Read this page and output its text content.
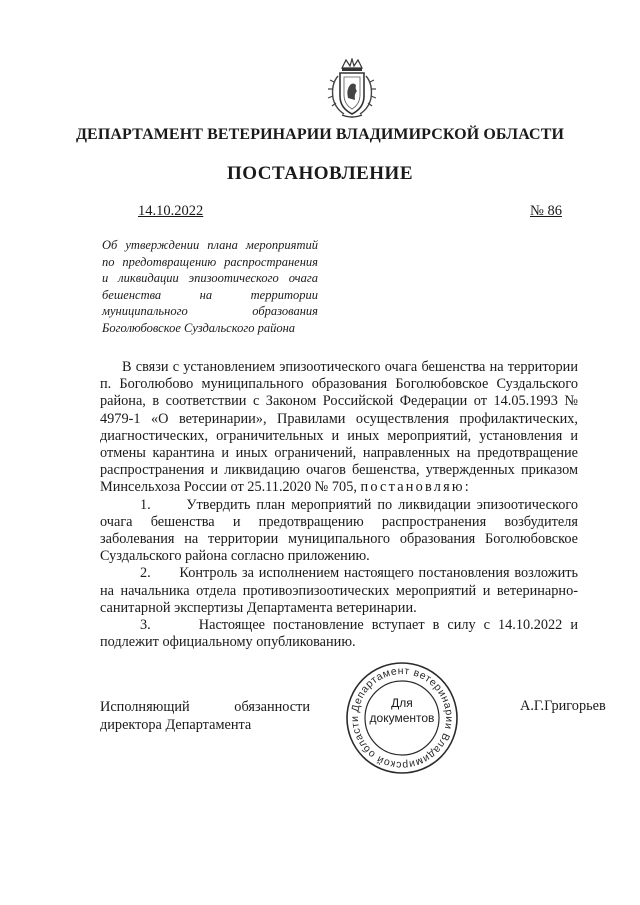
ДЕПАРТАМЕНТ ВЕТЕРИНАРИИ ВЛАДИМИРСКОЙ ОБЛАСТИ
ПОСТАНОВЛЕНИЕ
14.10.2022	№ 86
Об утверждении плана мероприятий
по предотвращению распространения
и ликвидации эпизоотического очага
бешенства на территории
муниципального образования
Боголюбовское Суздальского района

В связи с установлением эпизоотического очага бешенства на территории п. Боголюбово муниципального образования Боголюбовское Суздальского района, в соответствии с Законом Российской Федерации от 14.05.1993 № 4979-1 «О ветеринарии», Правилами осуществления профилактических, диагностических, ограничительных и иных мероприятий, установления и отмены карантина и иных ограничений, направленных на предотвращение распространения и ликвидацию очагов бешенства, утвержденных приказом Минсельхоза России от 25.11.2020 № 705, постановляю:

1. Утвердить план мероприятий по ликвидации эпизоотического очага бешенства и предотвращению распространения возбудителя заболевания на территории муниципального образования Боголюбовское Суздальского района согласно приложению.

2. Контроль за исполнением настоящего постановления возложить на начальника отдела противоэпизоотических мероприятий и ветеринарно-санитарной экспертизы Департамента ветеринарии.

3.	Настоящее постановление вступает в силу с 14.10.2022 и подлежит официальному опубликованию.

Исполняющий обязанности
директора Департамента
Департамент ветеринарии Владимирской области
Для
документов
А.Г.Григорьев
